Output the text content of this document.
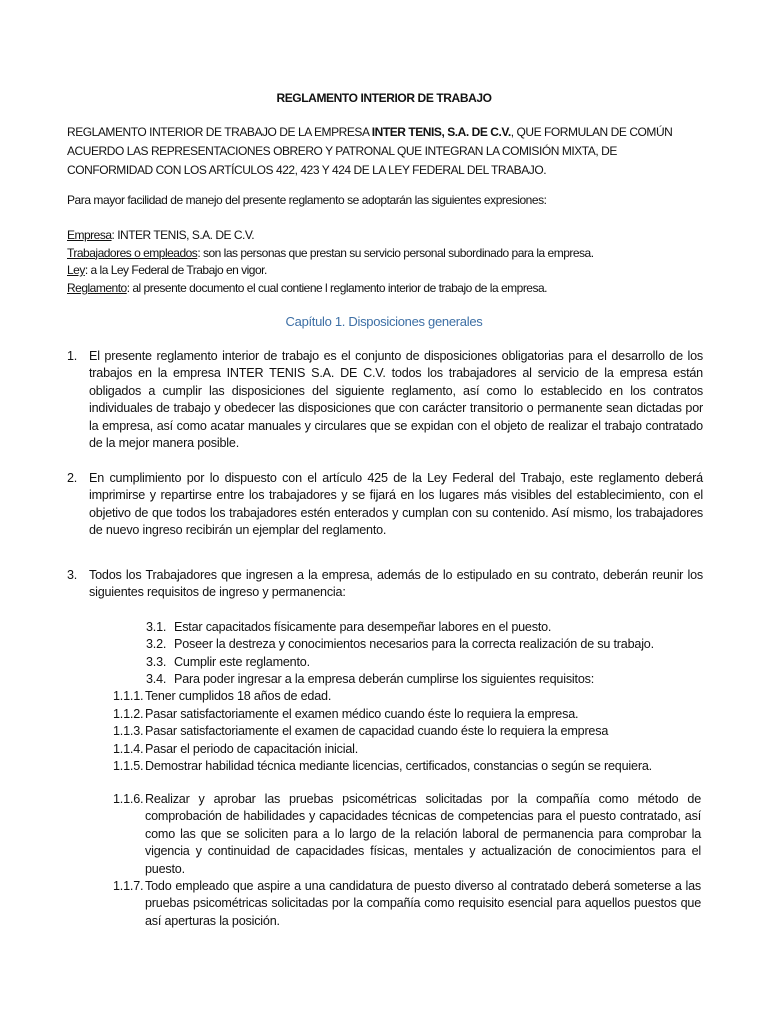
REGLAMENTO INTERIOR DE TRABAJO
REGLAMENTO INTERIOR DE TRABAJO DE LA EMPRESA INTER TENIS, S.A. DE C.V., QUE FORMULAN DE COMÚN ACUERDO LAS REPRESENTACIONES OBRERO Y PATRONAL QUE INTEGRAN LA COMISIÓN MIXTA, DE CONFORMIDAD CON LOS ARTÍCULOS 422, 423 Y 424 DE LA LEY FEDERAL DEL TRABAJO.
Para mayor facilidad de manejo del presente reglamento se adoptarán las siguientes expresiones:
Empresa: INTER TENIS, S.A. DE C.V.
Trabajadores o empleados: son las personas que prestan su servicio personal subordinado para la empresa.
Ley: a la Ley Federal de Trabajo en vigor.
Reglamento: al presente documento el cual contiene l reglamento interior de trabajo de la empresa.
Capítulo 1. Disposiciones generales
1. El presente reglamento interior de trabajo es el conjunto de disposiciones obligatorias para el desarrollo de los trabajos en la empresa INTER TENIS S.A. DE C.V. todos los trabajadores al servicio de la empresa están obligados a cumplir las disposiciones del siguiente reglamento, así como lo establecido en los contratos individuales de trabajo y obedecer las disposiciones que con carácter transitorio o permanente sean dictadas por la empresa, así como acatar manuales y circulares que se expidan con el objeto de realizar el trabajo contratado de la mejor manera posible.
2. En cumplimiento por lo dispuesto con el artículo 425 de la Ley Federal del Trabajo, este reglamento deberá imprimirse y repartirse entre los trabajadores y se fijará en los lugares más visibles del establecimiento, con el objetivo de que todos los trabajadores estén enterados y cumplan con su contenido. Así mismo, los trabajadores de nuevo ingreso recibirán un ejemplar del reglamento.
3. Todos los Trabajadores que ingresen a la empresa, además de lo estipulado en su contrato, deberán reunir los siguientes requisitos de ingreso y permanencia:
3.1. Estar capacitados físicamente para desempeñar labores en el puesto.
3.2. Poseer la destreza y conocimientos necesarios para la correcta realización de su trabajo.
3.3. Cumplir este reglamento.
3.4. Para poder ingresar a la empresa deberán cumplirse los siguientes requisitos:
1.1.1. Tener cumplidos 18 años de edad.
1.1.2. Pasar satisfactoriamente el examen médico cuando éste lo requiera la empresa.
1.1.3. Pasar satisfactoriamente el examen de capacidad cuando éste lo requiera la empresa
1.1.4. Pasar el periodo de capacitación inicial.
1.1.5. Demostrar habilidad técnica mediante licencias, certificados, constancias o según se requiera.
1.1.6. Realizar y aprobar las pruebas psicométricas solicitadas por la compañía como método de comprobación de habilidades y capacidades técnicas de competencias para el puesto contratado, así como las que se soliciten para a lo largo de la relación laboral de permanencia para comprobar la vigencia y continuidad de capacidades físicas, mentales y actualización de conocimientos para el puesto.
1.1.7. Todo empleado que aspire a una candidatura de puesto diverso al contratado deberá someterse a las pruebas psicométricas solicitadas por la compañía como requisito esencial para aquellos puestos que así aperturas la posición.
